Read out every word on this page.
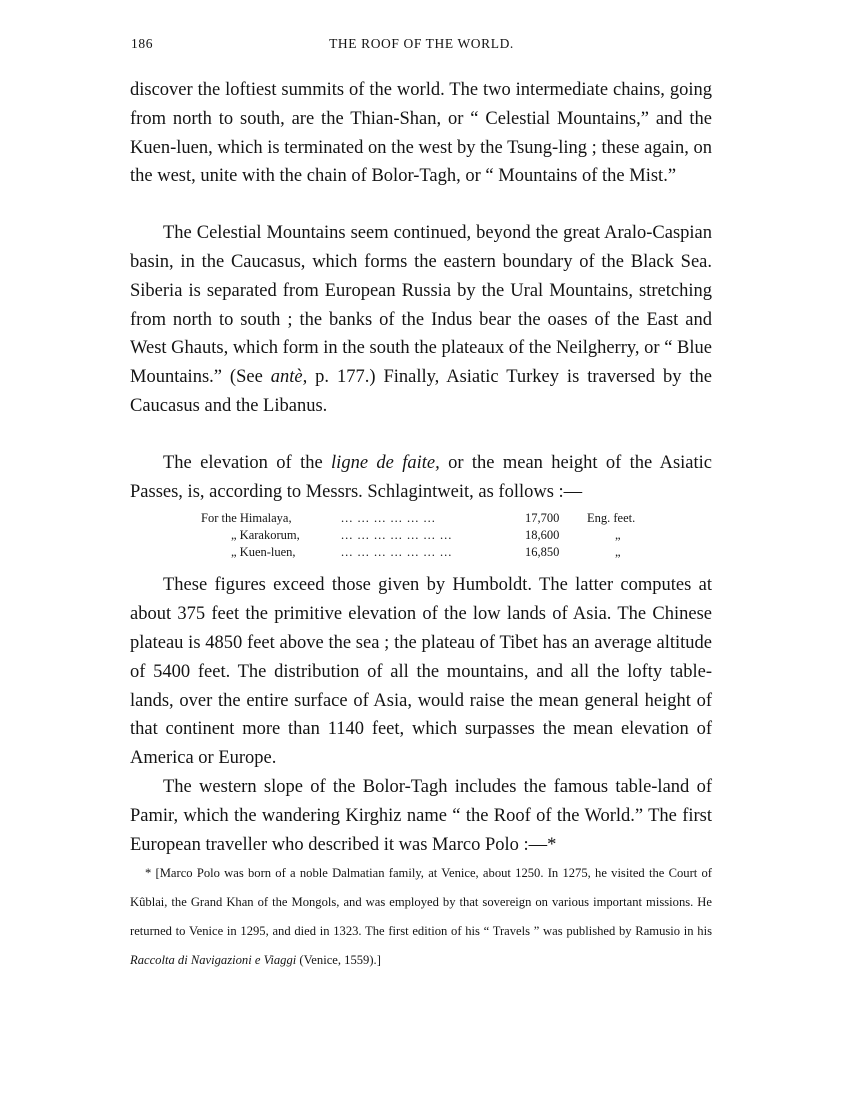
186	THE ROOF OF THE WORLD.

discover the loftiest summits of the world. The two intermediate chains, going from north to south, are the Thian-Shan, or “ Celestial Mountains,” and the Kuen-luen, which is terminated on the west by the Tsung-ling ; these again, on the west, unite with the chain of Bolor-Tagh, or “ Mountains of the Mist.”

The Celestial Mountains seem continued, beyond the great Aralo-Caspian basin, in the Caucasus, which forms the eastern boundary of the Black Sea. Siberia is separated from European Russia by the Ural Mountains, stretching from north to south ; the banks of the Indus bear the oases of the East and West Ghauts, which form in the south the plateaux of the Neilgherry, or “ Blue Mountains.” (See antè, p. 177.) Finally, Asiatic Turkey is traversed by the Caucasus and the Libanus.

The elevation of the ligne de faite, or the mean height of the Asiatic Passes, is, according to Messrs. Schlagintweit, as follows :—

For the Himalaya,	... ... ... ... ... ...	17,700	Eng. feet.
„ Karakorum,	... ... ... ... ... ... ...	18,600	„
„ Kuen-luen,	... ... ... ... ... ... ...	16,850	„

These figures exceed those given by Humboldt. The latter computes at about 375 feet the primitive elevation of the low lands of Asia. The Chinese plateau is 4850 feet above the sea ; the plateau of Tibet has an average altitude of 5400 feet. The distribution of all the mountains, and all the lofty table-lands, over the entire surface of Asia, would raise the mean general height of that continent more than 1140 feet, which surpasses the mean elevation of America or Europe.

The western slope of the Bolor-Tagh includes the famous table-land of Pamir, which the wandering Kirghiz name “ the Roof of the World.” The first European traveller who described it was Marco Polo :—*

* [Marco Polo was born of a noble Dalmatian family, at Venice, about 1250. In 1275, he visited the Court of Kûblai, the Grand Khan of the Mongols, and was employed by that sovereign on various important missions. He returned to Venice in 1295, and died in 1323. The first edition of his “ Travels ” was published by Ramusio in his Raccolta di Navigazioni e Viaggi (Venice, 1559).]
